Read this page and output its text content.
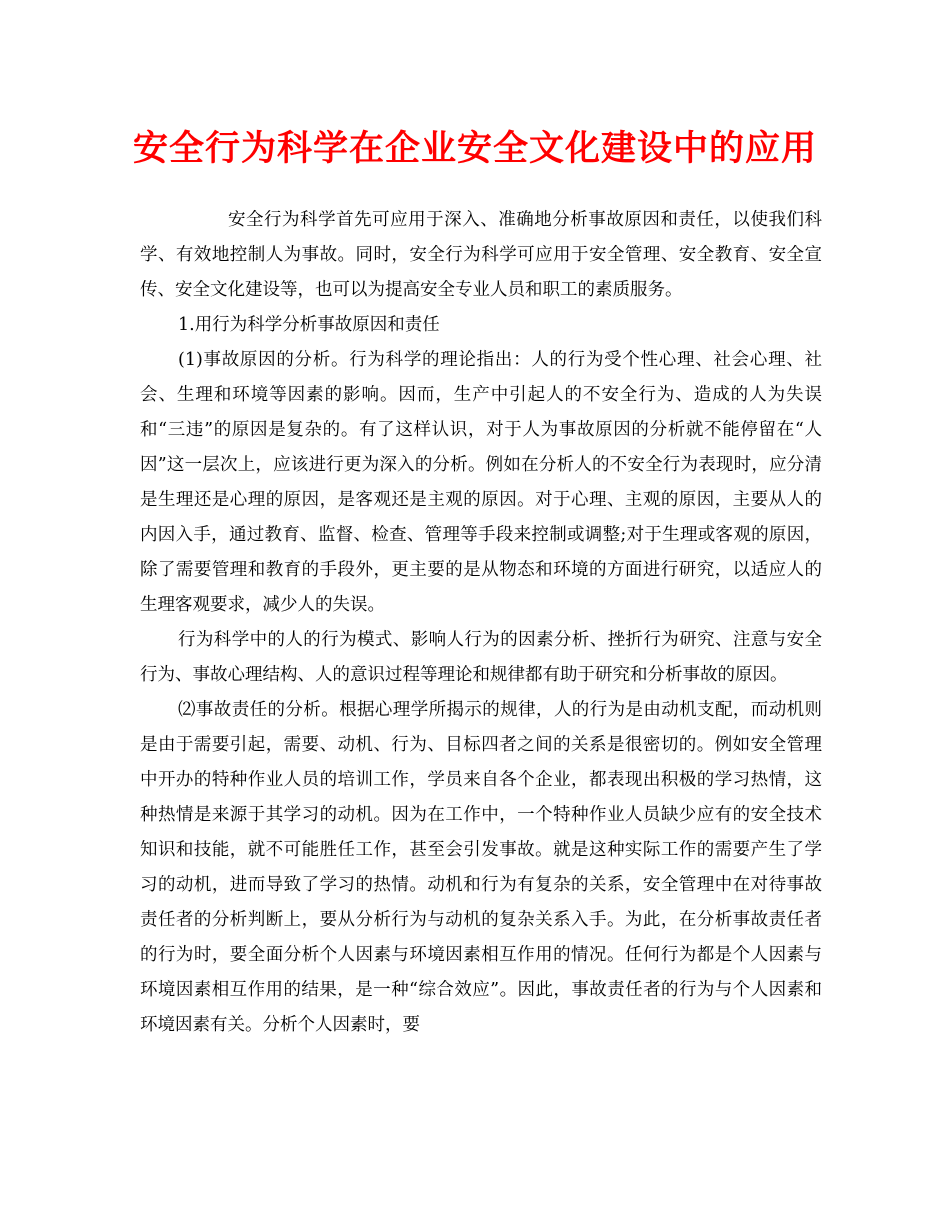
安全行为科学在企业安全文化建设中的应用

安全行为科学首先可应用于深入、准确地分析事故原因和责任，以使我们科学、有效地控制人为事故。同时，安全行为科学可应用于安全管理、安全教育、安全宣传、安全文化建设等，也可以为提高安全专业人员和职工的素质服务。

1.用行为科学分析事故原因和责任

(1)事故原因的分析。行为科学的理论指出：人的行为受个性心理、社会心理、社会、生理和环境等因素的影响。因而，生产中引起人的不安全行为、造成的人为失误和“三违”的原因是复杂的。有了这样认识，对于人为事故原因的分析就不能停留在“人因”这一层次上，应该进行更为深入的分析。例如在分析人的不安全行为表现时，应分清是生理还是心理的原因，是客观还是主观的原因。对于心理、主观的原因，主要从人的内因入手，通过教育、监督、检查、管理等手段来控制或调整;对于生理或客观的原因，除了需要管理和教育的手段外，更主要的是从物态和环境的方面进行研究，以适应人的生理客观要求，减少人的失误。

行为科学中的人的行为模式、影响人行为的因素分析、挫折行为研究、注意与安全行为、事故心理结构、人的意识过程等理论和规律都有助于研究和分析事故的原因。

⑵事故责任的分析。根据心理学所揭示的规律，人的行为是由动机支配，而动机则是由于需要引起，需要、动机、行为、目标四者之间的关系是很密切的。例如安全管理中开办的特种作业人员的培训工作，学员来自各个企业，都表现出积极的学习热情，这种热情是来源于其学习的动机。因为在工作中，一个特种作业人员缺少应有的安全技术知识和技能，就不可能胜任工作，甚至会引发事故。就是这种实际工作的需要产生了学习的动机，进而导致了学习的热情。动机和行为有复杂的关系，安全管理中在对待事故责任者的分析判断上，要从分析行为与动机的复杂关系入手。为此，在分析事故责任者的行为时，要全面分析个人因素与环境因素相互作用的情况。任何行为都是个人因素与环境因素相互作用的结果，是一种“综合效应”。因此，事故责任者的行为与个人因素和环境因素有关。分析个人因素时，要
